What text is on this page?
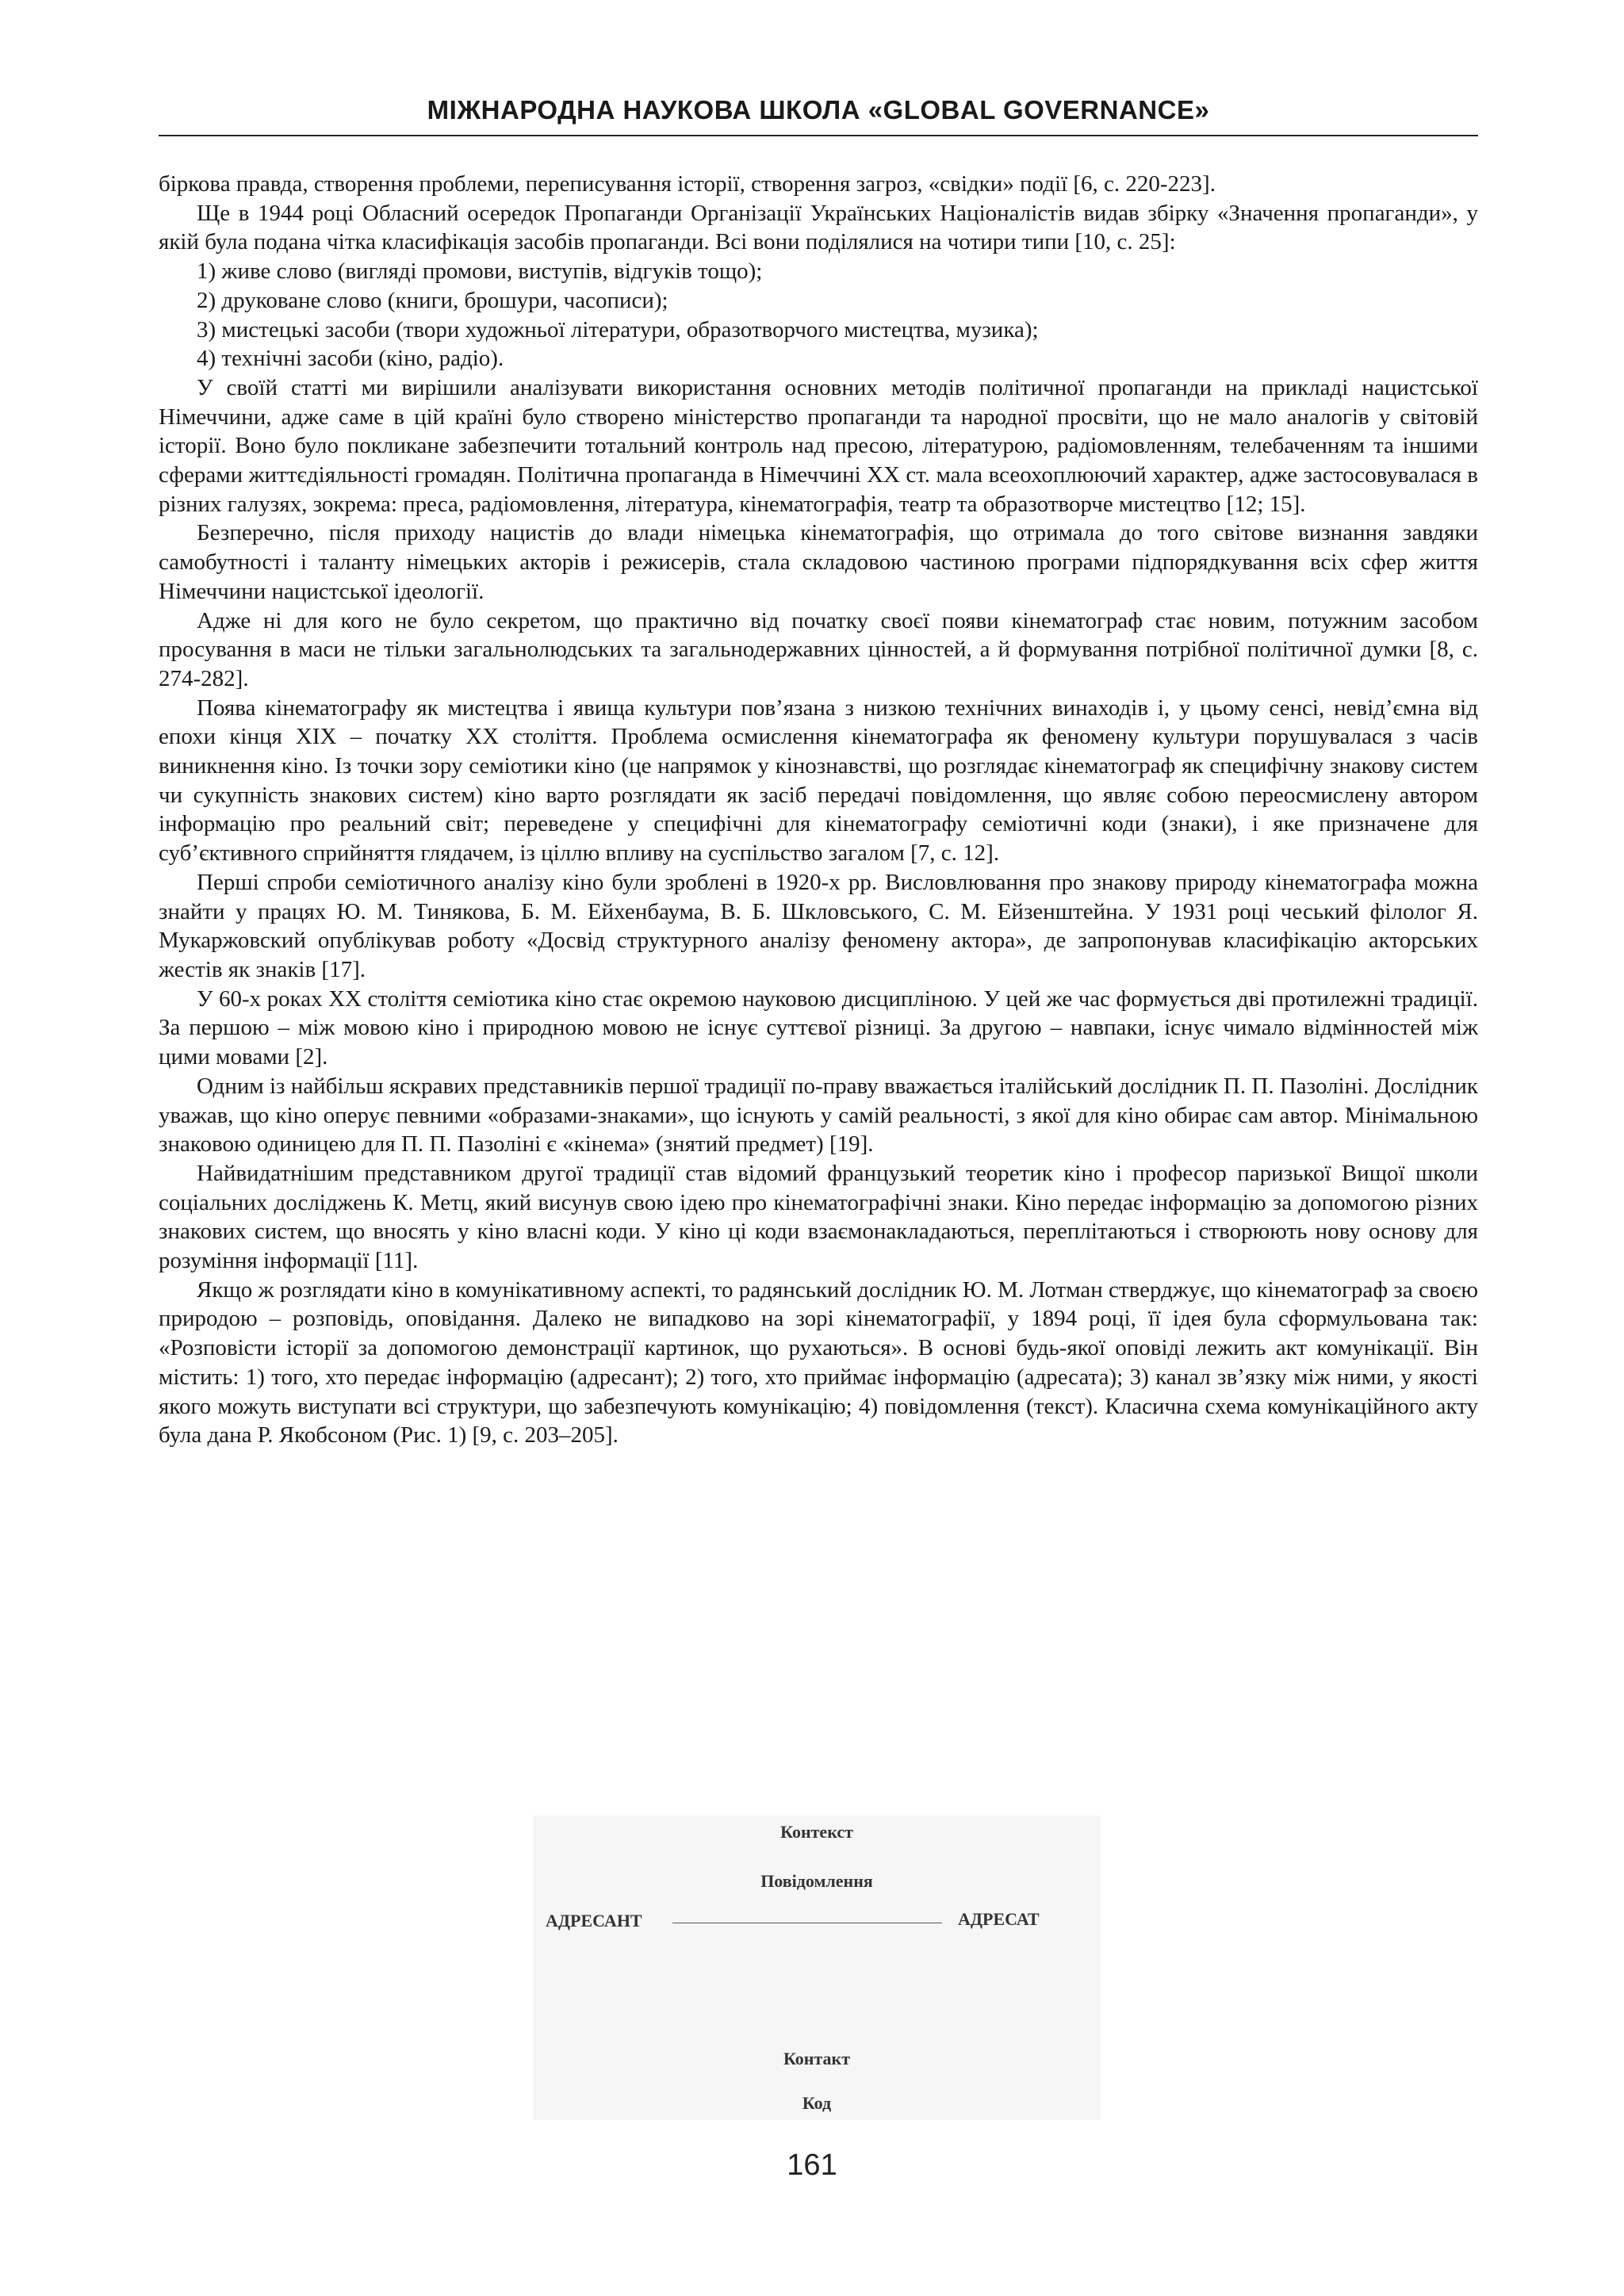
МІЖНАРОДНА НАУКОВА ШКОЛА «GLOBAL GOVERNANCE»

біркова правда, створення проблеми, переписування історії, створення загроз, «свідки» події [6, с. 220-223].

Ще в 1944 році Обласний осередок Пропаганди Організації Українських Націоналістів видав збірку «Значення пропаганди», у якій була подана чітка класифікація засобів пропаганди. Всі вони поділялися на чотири типи [10, с. 25]:

1) живе слово (вигляді промови, виступів, відгуків тощо);

2) друковане слово (книги, брошури, часописи);

3) мистецькі засоби (твори художньої літератури, образотворчого мистецтва, музика);

4) технічні засоби (кіно, радіо).

У своїй статті ми вирішили аналізувати використання основних методів політичної пропаганди на прикладі нацистської Німеччини, адже саме в цій країні було створено міністерство пропаганди та народної просвіти, що не мало аналогів у світовій історії. Воно було покликане забезпечити тотальний контроль над пресою, літературою, радіомовленням, телебаченням та іншими сферами життєдіяльності громадян. Політична пропаганда в Німеччині ХХ ст. мала всеохоплюючий характер, адже застосовувалася в різних галузях, зокрема: преса, радіомовлення, література, кінематографія, театр та образотворче мистецтво [12; 15].

Безперечно, після приходу нацистів до влади німецька кінематографія, що отримала до того світове визнання завдяки самобутності і таланту німецьких акторів і режисерів, стала складовою частиною програми підпорядкування всіх сфер життя Німеччини нацистської ідеології.

Адже ні для кого не було секретом, що практично від початку своєї появи кінематограф стає новим, потужним засобом просування в маси не тільки загальнолюдських та загальнодержавних цінностей, а й формування потрібної політичної думки [8, с. 274-282].

Поява кінематографу як мистецтва і явища культури пов’язана з низкою технічних винаходів і, у цьому сенсі, невід’ємна від епохи кінця XIX – початку XX століття. Проблема осмислення кінематографа як феномену культури порушувалася з часів виникнення кіно. Із точки зору семіотики кіно (це напрямок у кінознавстві, що розглядає кінематограф як специфічну знакову систем чи сукупність знакових систем) кіно варто розглядати як засіб передачі повідомлення, що являє собою переосмислену автором інформацію про реальний світ; переведене у специфічні для кінематографу семіотичні коди (знаки), і яке призначене для суб’єктивного сприйняття глядачем, із ціллю впливу на суспільство загалом [7, с. 12].

Перші спроби семіотичного аналізу кіно були зроблені в 1920-х рр. Висловлювання про знакову природу кінематографа можна знайти у працях Ю. М. Тинякова, Б. М. Ейхенбаума, В. Б. Шкловського, С. М. Ейзенштейна. У 1931 році чеський філолог Я. Мукаржовский опублікував роботу «Досвід структурного аналізу феномену актора», де запропонував класифікацію акторських жестів як знаків [17].

У 60-х роках XX століття семіотика кіно стає окремою науковою дисципліною. У цей же час формується дві протилежні традиції. За першою – між мовою кіно і природною мовою не існує суттєвої різниці. За другою – навпаки, існує чимало відмінностей між цими мовами [2].

Одним із найбільш яскравих представників першої традиції по-праву вважається італійський дослідник П. П. Пазоліні. Дослідник уважав, що кіно оперує певними «образами-знаками», що існують у самій реальності, з якої для кіно обирає сам автор. Мінімальною знаковою одиницею для П. П. Пазоліні є «кінема» (знятий предмет) [19].

Найвидатнішим представником другої традиції став відомий французький теоретик кіно і професор паризької Вищої школи соціальних досліджень К. Метц, який висунув свою ідею про кінематографічні знаки. Кіно передає інформацію за допомогою різних знакових систем, що вносять у кіно власні коди. У кіно ці коди взаємонакладаються, переплітаються і створюють нову основу для розуміння інформації [11].

Якщо ж розглядати кіно в комунікативному аспекті, то радянський дослідник Ю. М. Лотман стверджує, що кінематограф за своєю природою – розповідь, оповідання. Далеко не випадково на зорі кінематографії, у 1894 році, її ідея була сформульована так: «Розповісти історії за допомогою демонстрації картинок, що рухаються». В основі будь-якої оповіді лежить акт комунікації. Він містить: 1) того, хто передає інформацію (адресант); 2) того, хто приймає інформацію (адресата); 3) канал зв’язку між ними, у якості якого можуть виступати всі структури, що забезпечують комунікацію; 4) повідомлення (текст). Класична схема комунікаційного акту була дана Р. Якобсоном (Рис. 1) [9, с. 203–205].

Контекст
Повідомлення
АДРЕСАНТ	АДРЕСАТ
Контакт
Код
161
